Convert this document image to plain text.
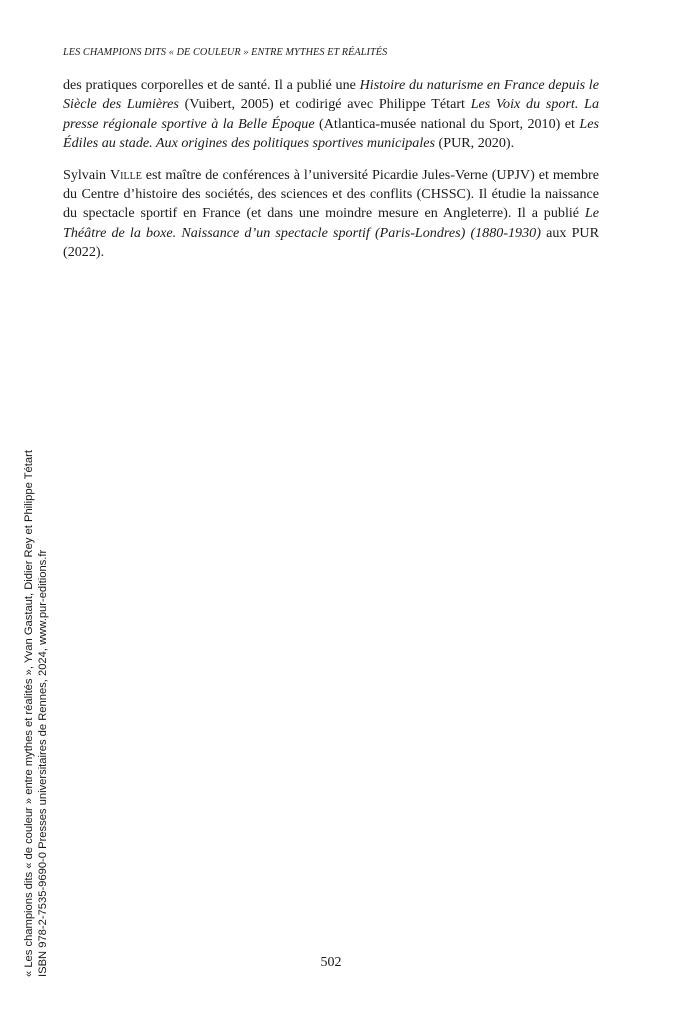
LES CHAMPIONS DITS « DE COULEUR » ENTRE MYTHES ET RÉALITÉS

des pratiques corporelles et de santé. Il a publié une Histoire du naturisme en France depuis le Siècle des Lumières (Vuibert, 2005) et codirigé avec Philippe Tétart Les Voix du sport. La presse régionale sportive à la Belle Époque (Atlantica-musée national du Sport, 2010) et Les Édiles au stade. Aux origines des politiques sportives municipales (PUR, 2020).

Sylvain Ville est maître de conférences à l’université Picardie Jules-Verne (UPJV) et membre du Centre d’histoire des sociétés, des sciences et des conflits (CHSSC). Il étudie la naissance du spectacle sportif en France (et dans une moindre mesure en Angleterre). Il a publié Le Théâtre de la boxe. Naissance d’un spectacle sportif (Paris-Londres) (1880-1930) aux PUR (2022).

502
« Les champions dits « de couleur » entre mythes et réalités », Yvan Gastaut, Didier Rey et Philippe Tétart ISBN 978-2-7535-9690-0 Presses universitaires de Rennes, 2024, www.pur-editions.fr
